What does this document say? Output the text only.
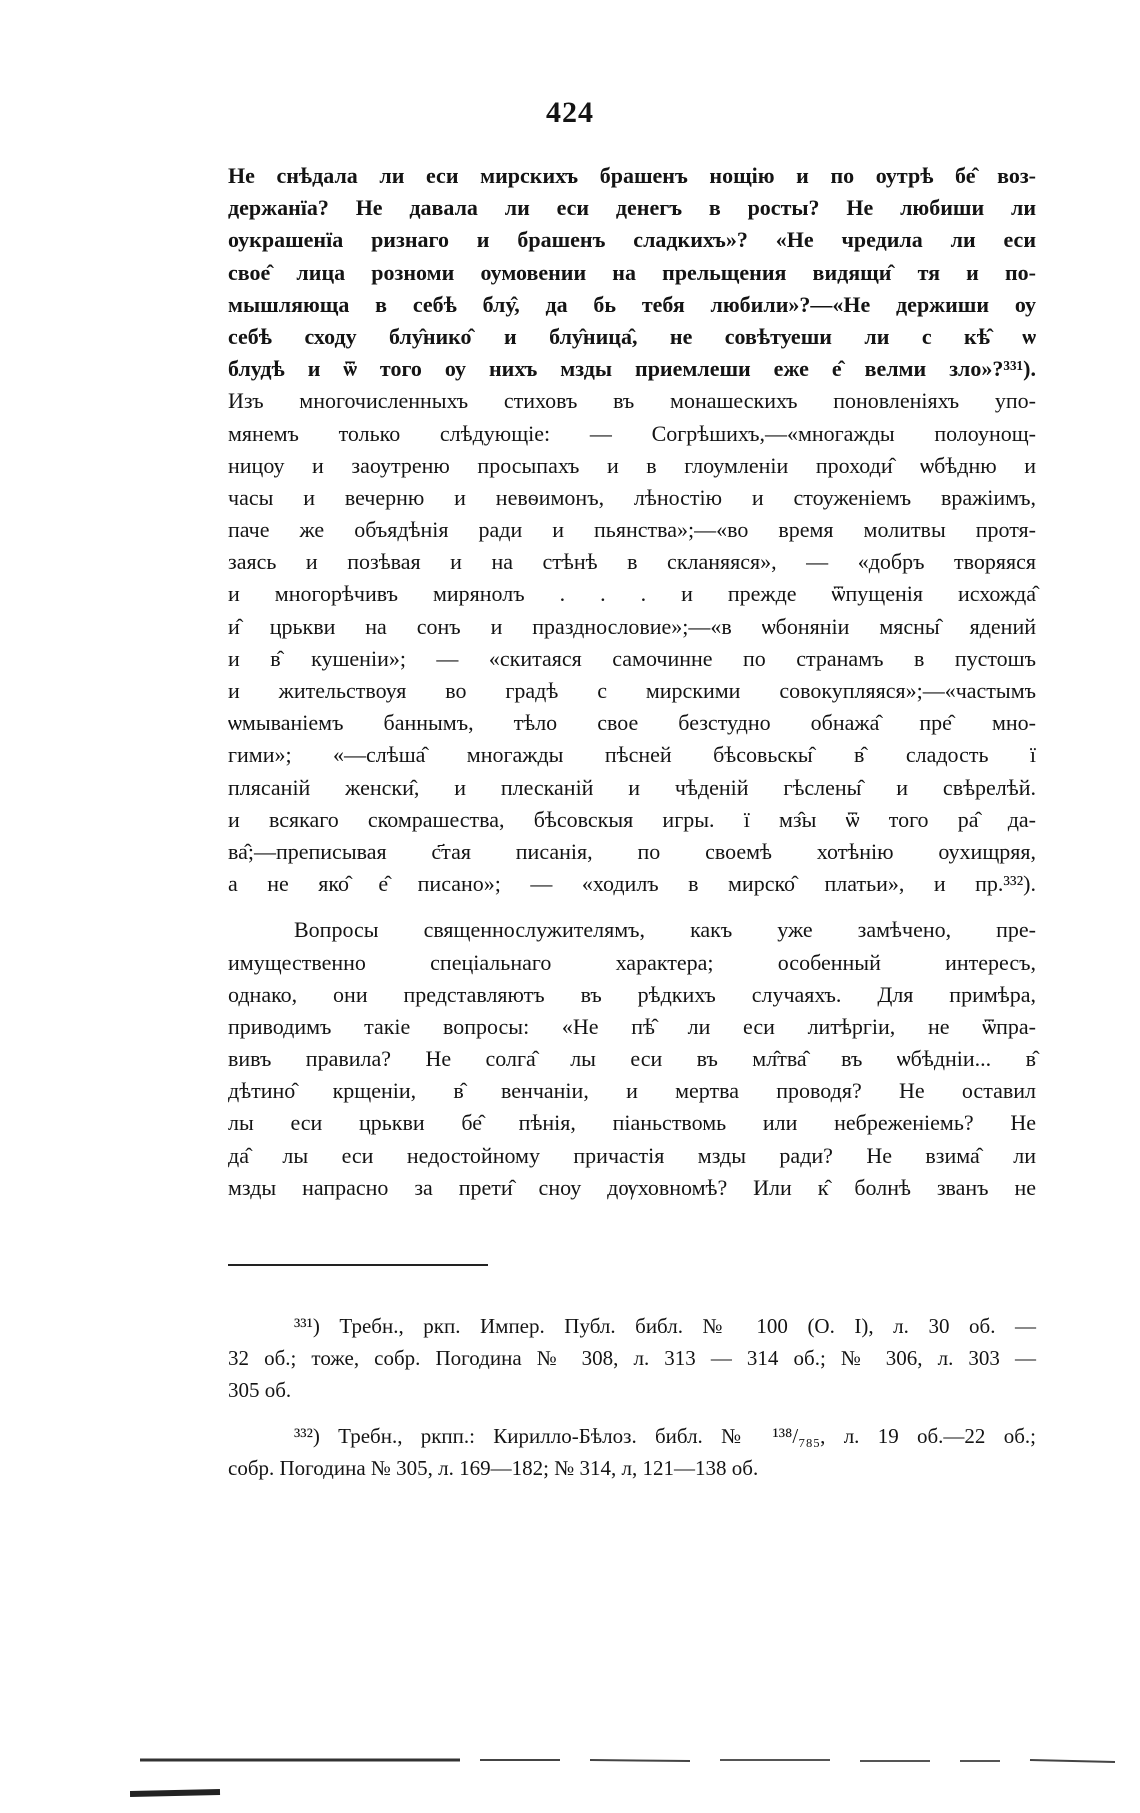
424
Не снѣдала ли еси мирскихъ брашенъ нощію и по оутрѣ бе̂ воз-
держанїа? Не давала ли еси денегъ в росты? Не любиши ли
оукрашенїа ризнаго и брашенъ сладкихъ»? «Не чредила ли еси
свое̂ лица розноми оумовении на прельщения видящи̂ тя и по-
мышляюща в себѣ блу̂, да бь тебя любили»?—«Не держиши оу
себѣ сходу блу̂нико̂ и блу̂ница̂, не совѣтуеши ли с кѣ̂ ѡ
блудѣ и ѿ того оу нихъ мзды приемлеши еже е̂ велми зло»?³³¹).
Изъ многочисленныхъ стиховъ въ монашескихъ поновленіяхъ упо-
мянемъ только слѣдующіе: — Согрѣшихъ,—«многажды полоунощ-
ницоу и заоутреню просыпахъ и в глоумленіи проходи̂ ѡбѣдню и
часы и вечерню и невѳимонъ, лѣностію и стоуженіемъ вражіимъ,
паче же объядѣнія ради и пьянства»;—«во время молитвы протя-
заясь и позѣвая и на стѣнѣ в скланяяся», — «добръ творяяся
и многорѣчивъ мирянолъ . . . и прежде ѿпущенія исхожда̂
и̂ црькви на сонъ и празднословие»;—«в ѡбоняніи мясны̂ ядений
и в̂ кушеніи»; — «скитаяся самочинне по странамъ в пустошъ
и жительствоуя во градѣ с мирскими совокупляяся»;—«частымъ
ѡмываніемъ баннымъ, тѣло свое безстудно обнажа̂ пре̂ мно-
гими»; «—слѣша̂ многажды пѣсней бѣсовьскы̂ в̂ сладость ї
плясаній женски̂, и плесканій и чѣденій гѣслены̂ и свѣрелѣй.
и всякаго скомрашества, бѣсовскыя игры. ї мз̂ы ѿ того ра̂ да-
ва̂;—преписывая с҃тая писанія, по своемѣ хотѣнію оухищряя,
а не яко̂ е̂ писано»; — «ходилъ в мирско̂ платьи», и пр.³³²).
Вопросы священнослужителямъ, какъ уже замѣчено, пре-
имущественно спеціальнаго характера; особенный интересъ,
однако, они представляютъ въ рѣдкихъ случаяхъ. Для примѣра,
приводимъ такіе вопросы: «Не пѣ̂ ли еси литѣргіи, не ѿпра-
вивъ правила? Не солга̂ лы еси въ мл̂тва̂ въ ѡбѣдніи... в̂
дѣтино̂ крщеніи, в̂ венчаніи, и мертва проводя? Не оставил
лы еси црькви бе̂ пѣнія, піаньствомь или небреженіемь? Не
да̂ лы еси недостойному причастія мзды ради? Не взима̂ ли
мзды напрасно за прети̂ сноу дѹховномѣ? Или к̂ болнѣ званъ не
³³¹) Требн., ркп. Импер. Публ. библ. № 100 (О. I), л. 30 об. —
32 об.; тоже, собр. Погодина № 308, л. 313 — 314 об.; № 306, л. 303 —
305 об.
³³²) Требн., ркпп.: Кирилло-Бѣлоз. библ. № ¹³⁸/₇₈₅, л. 19 об.—22 об.;
собр. Погодина № 305, л. 169—182; № 314, л, 121—138 об.
